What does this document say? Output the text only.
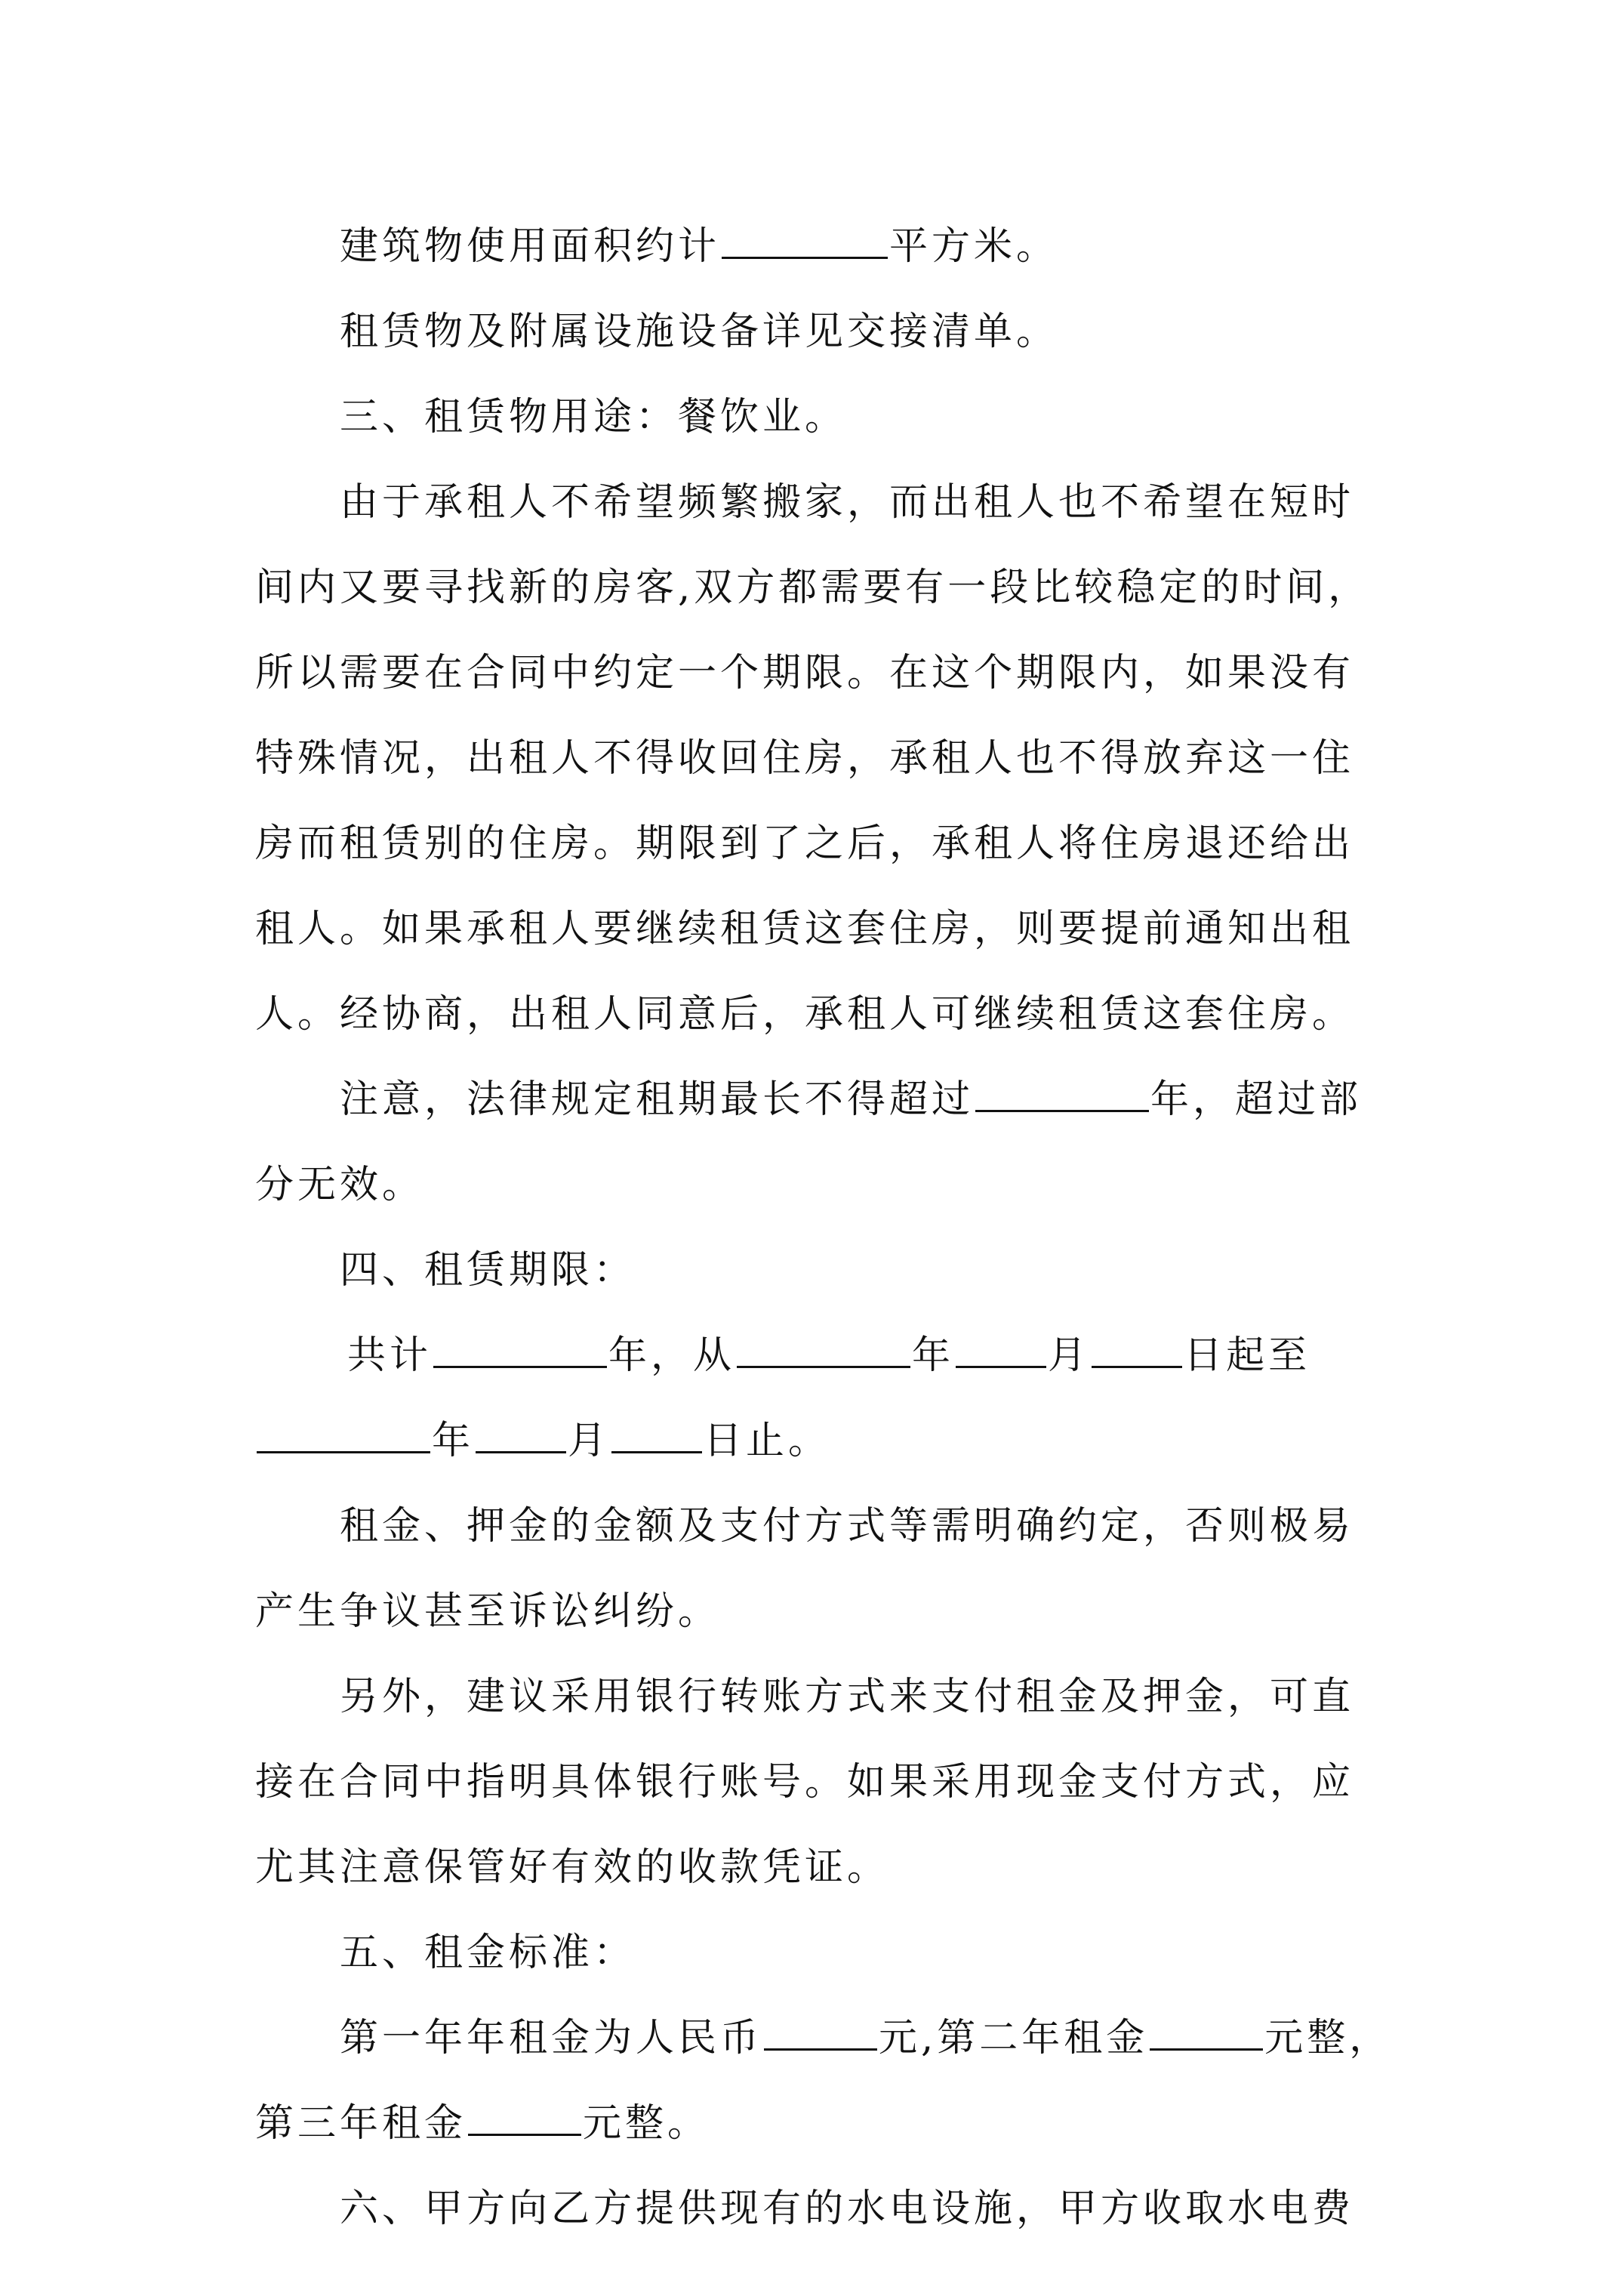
建筑物使用面积约计	平方米。
租赁物及附属设施设备详见交接清单。
三、租赁物用途：餐饮业。
由于承租人不希望频繁搬家，而出租人也不希望在短时
间内又要寻找新的房客,双方都需要有一段比较稳定的时间，
所以需要在合同中约定一个期限。在这个期限内，如果没有
特殊情况，出租人不得收回住房，承租人也不得放弃这一住
房而租赁别的住房。期限到了之后，承租人将住房退还给出
租人。如果承租人要继续租赁这套住房，则要提前通知出租
人。经协商，出租人同意后，承租人可继续租赁这套住房。
注意，法律规定租期最长不得超过	年，超过部
分无效。
四、租赁期限：
共计	年，从	年 月 日起至
年 月 日止。
租金、押金的金额及支付方式等需明确约定，否则极易
产生争议甚至诉讼纠纷。
另外，建议采用银行转账方式来支付租金及押金，可直
接在合同中指明具体银行账号。如果采用现金支付方式，应
尤其注意保管好有效的收款凭证。
五、租金标准：
第一年年租金为人民币	元,第二年租金	元整，
第三年租金	元整。
六、甲方向乙方提供现有的水电设施，甲方收取水电费
